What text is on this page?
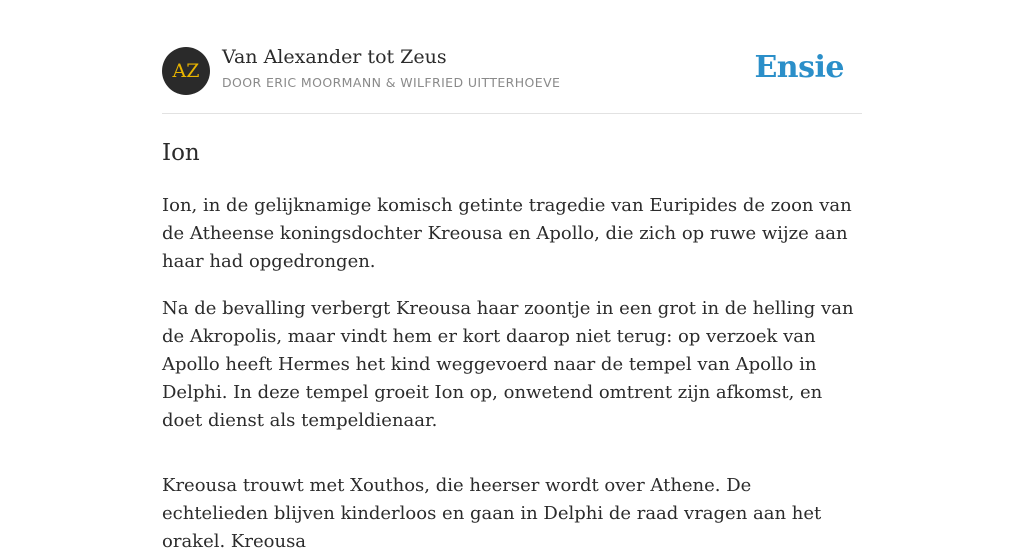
AZ
Van Alexander tot Zeus
DOOR ERIC MOORMANN & WILFRIED UITTERHOEVE	Ensie
Ion

Ion, in de gelijknamige komisch getinte tragedie van Euripides de zoon van de Atheense koningsdochter Kreousa en Apollo, die zich op ruwe wijze aan haar had opgedrongen.

Na de bevalling verbergt Kreousa haar zoontje in een grot in de helling van de Akropolis, maar vindt hem er kort daarop niet terug: op verzoek van Apollo heeft Hermes het kind weggevoerd naar de tempel van Apollo in Delphi. In deze tempel groeit Ion op, onwetend omtrent zijn afkomst, en doet dienst als tempeldienaar.

Kreousa trouwt met Xouthos, die heerser wordt over Athene. De echtelieden blijven kinderloos en gaan in Delphi de raad vragen aan het orakel. Kreousa
